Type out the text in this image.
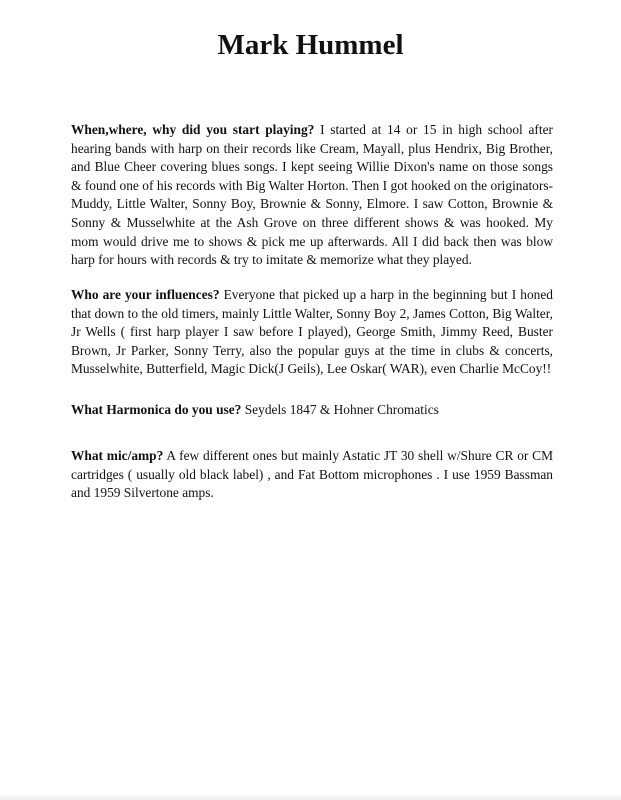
Mark Hummel

When,where, why did you start playing? I started at 14 or 15 in high school after hearing bands with harp on their records like Cream, Mayall, plus Hendrix, Big Brother, and Blue Cheer covering blues songs. I kept seeing Willie Dixon's name on those songs & found one of his records with Big Walter Horton. Then I got hooked on the originators- Muddy, Little Walter, Sonny Boy, Brownie & Sonny, Elmore. I saw Cotton, Brownie & Sonny & Musselwhite at the Ash Grove on three different shows & was hooked. My mom would drive me to shows & pick me up afterwards. All I did back then was blow harp for hours with records & try to imitate & memorize what they played.

Who are your influences? Everyone that picked up a harp in the beginning but I honed that down to the old timers, mainly Little Walter, Sonny Boy 2, James Cotton, Big Walter, Jr Wells ( first harp player I saw before I played), George Smith, Jimmy Reed, Buster Brown, Jr Parker, Sonny Terry, also the popular guys at the time in clubs & concerts, Musselwhite, Butterfield, Magic Dick(J Geils), Lee Oskar( WAR), even Charlie McCoy!!

What Harmonica do you use? Seydels 1847 & Hohner Chromatics

What mic/amp? A few different ones but mainly Astatic JT 30 shell w/Shure CR or CM cartridges ( usually old black label) , and Fat Bottom microphones . I use 1959 Bassman and 1959 Silvertone amps.
